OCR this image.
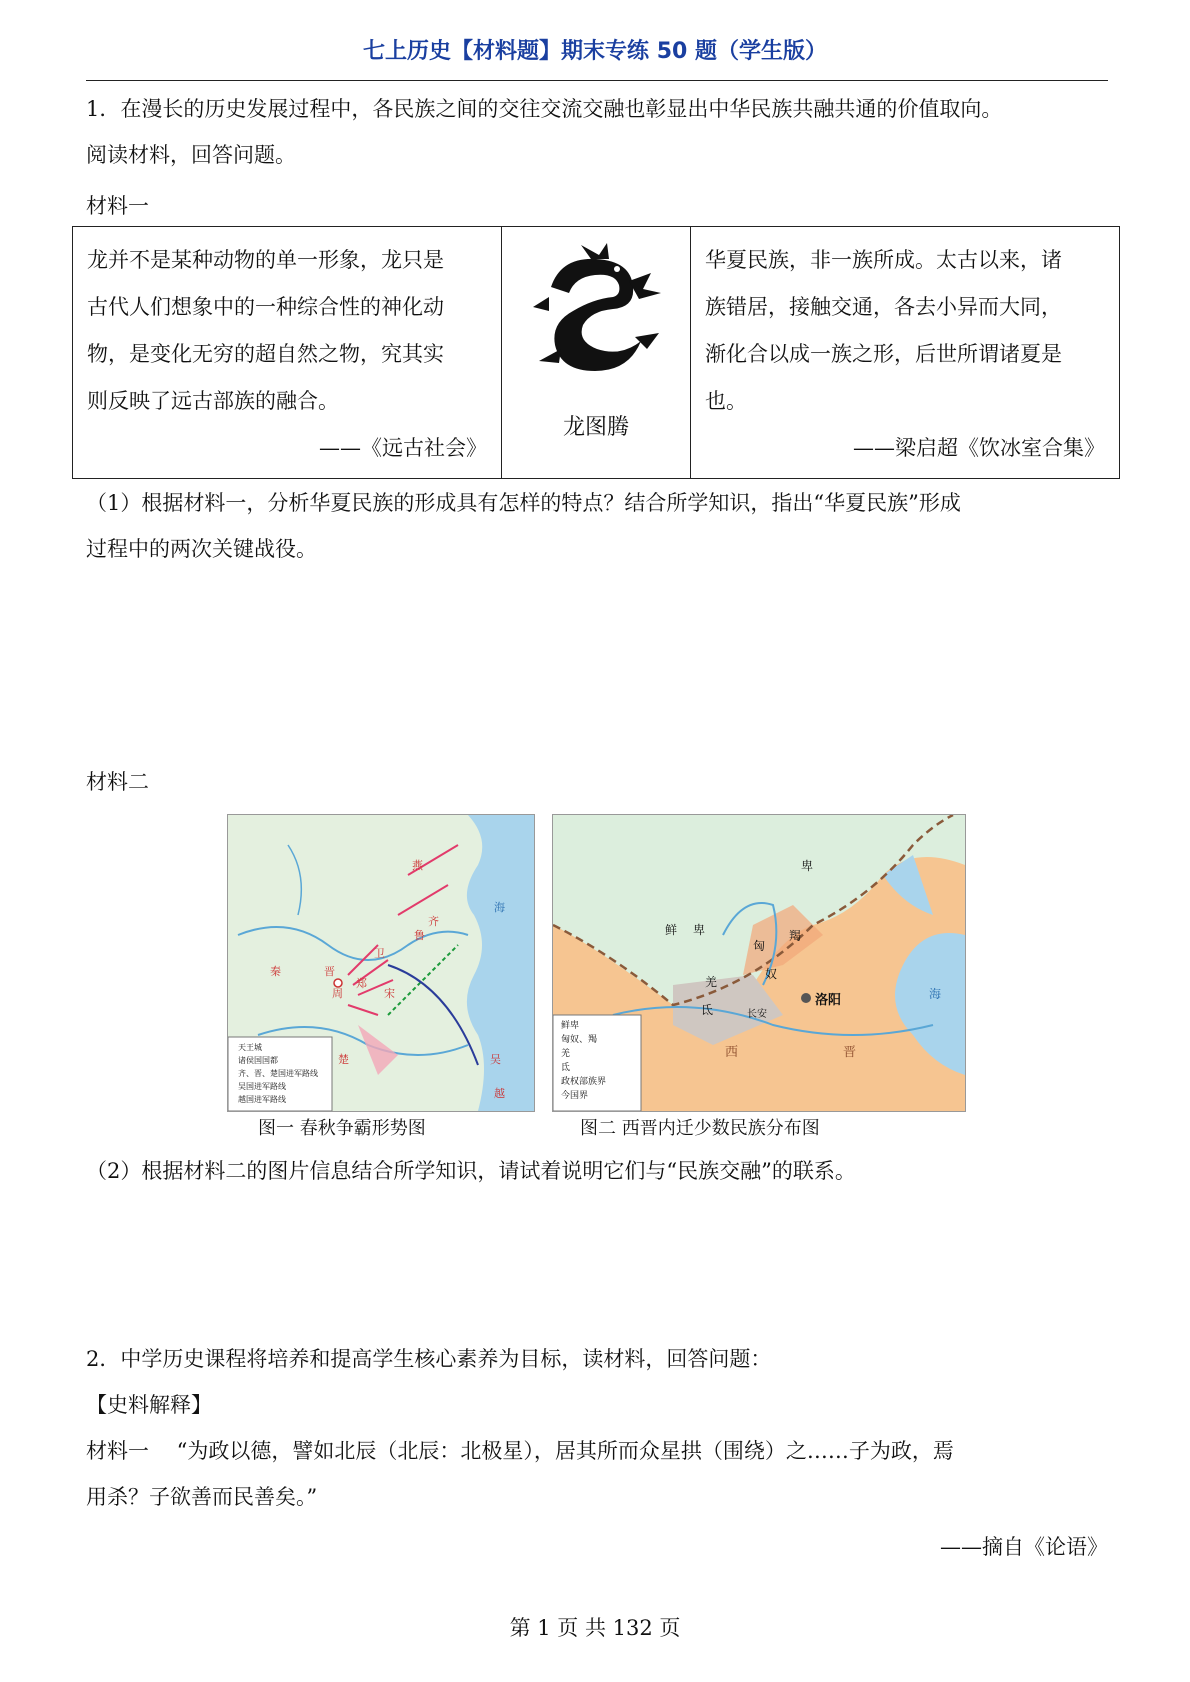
七上历史【材料题】期末专练 50 题（学生版）
1．在漫长的历史发展过程中，各民族之间的交往交流交融也彰显出中华民族共融共通的价值取向。
阅读材料，回答问题。
材料一
龙并不是某种动物的单一形象，龙只是
古代人们想象中的一种综合性的神化动
物，是变化无穷的超自然之物，究其实
则反映了远古部族的融合。
——《远古社会》

龙图腾

华夏民族，非一族所成。太古以来，诸
族错居，接触交通，各去小异而大同，
渐化合以成一族之形，后世所谓诸夏是
也。
——梁启超《饮冰室合集》
（1）根据材料一，分析华夏民族的形成具有怎样的特点？结合所学知识，指出“华夏民族”形成
过程中的两次关键战役。
材料二
秦	晋
周
齐
燕
卫
宋
郑
楚	吴
越
鲁
海
天王城
诸侯国国都
齐、晋、楚国进军路线
吴国进军路线
越国进军路线
卑
鲜 卑
匈
奴
羯
羌
氐	长安
洛阳
西	晋
海
鲜卑
匈奴、羯
羌
氐
政权部族界
今国界
图一 春秋争霸形势图	图二 西晋内迁少数民族分布图
（2）根据材料二的图片信息结合所学知识，请试着说明它们与“民族交融”的联系。
2．中学历史课程将培养和提高学生核心素养为目标，读材料，回答问题：
【史料解释】
材料一　 “为政以德，譬如北辰（北辰：北极星），居其所而众星拱（围绕）之……子为政，焉
用杀？子欲善而民善矣。”
——摘自《论语》
第 1 页 共 132 页
